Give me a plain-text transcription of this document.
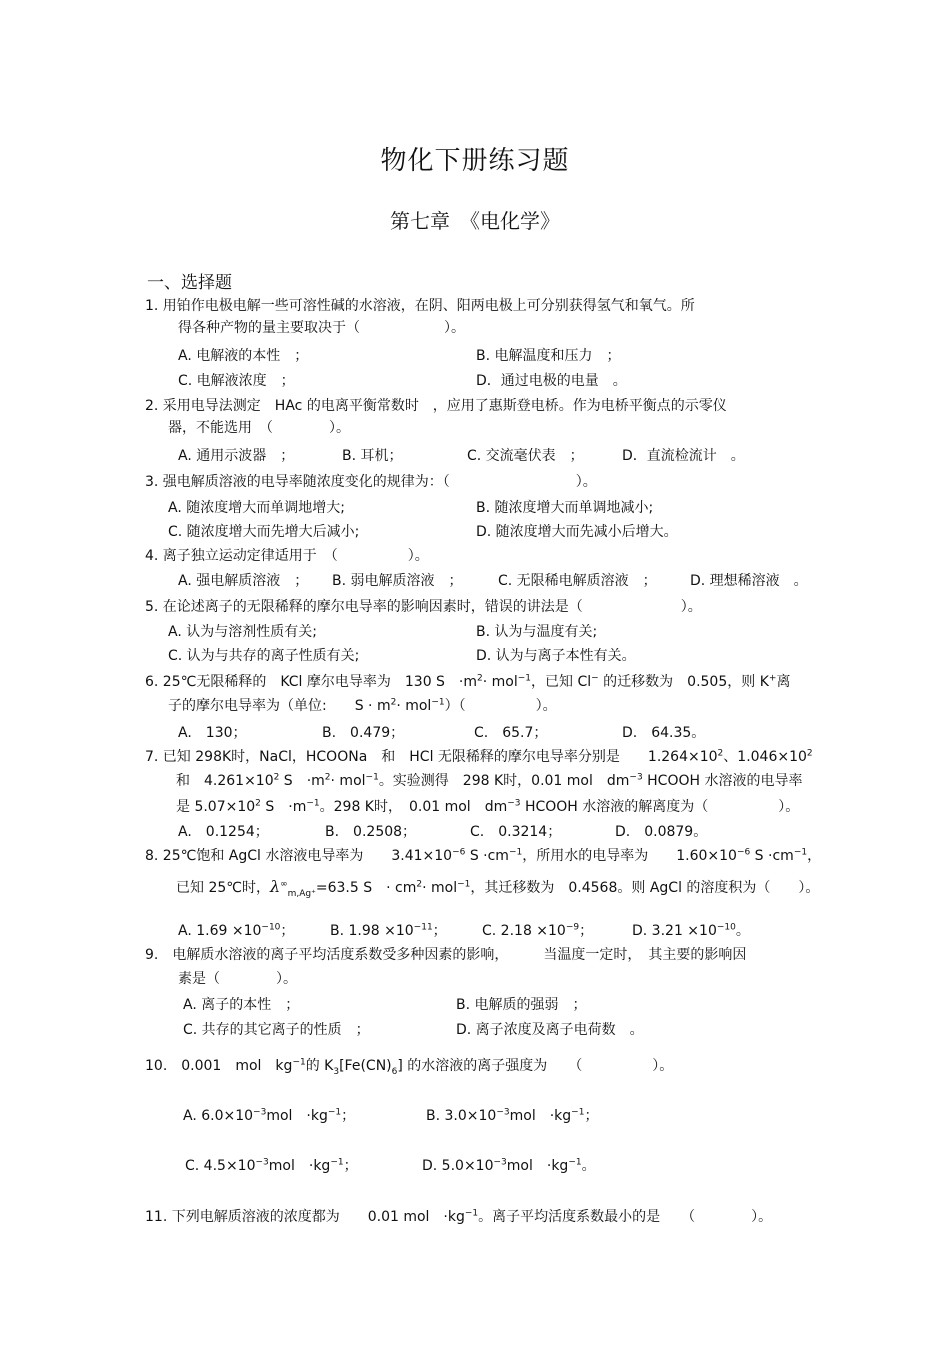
物化下册练习题
第七章　《电化学》
一、选择题
1. 用铂作电极电解一些可溶性碱的水溶液，在阴、阳两电极上可分别获得氢气和氧气。所
得各种产物的量主要取决于（　　　　　　）。
A. 电解液的本性　；	B. 电解温度和压力　；
C. 电解液浓度　；	D．通过电极的电量　。
2. 采用电导法测定　HAc 的电离平衡常数时　，应用了惠斯登电桥。作为电桥平衡点的示零仪
器，不能选用　（　　　　）。
A. 通用示波器　；	B. 耳机；	C. 交流毫伏表　；	D．直流检流计　。
3. 强电解质溶液的电导率随浓度变化的规律为：（　　　　　　　　　）。
A. 随浓度增大而单调地增大;	B. 随浓度增大而单调地减小;
C. 随浓度增大而先增大后减小;	D. 随浓度增大而先减小后增大。
4. 离子独立运动定律适用于　（　　　　　）。
A. 强电解质溶液　； B. 弱电解质溶液　；	C. 无限稀电解质溶液　； D. 理想稀溶液　。
5. 在论述离子的无限稀释的摩尔电导率的影响因素时，错误的讲法是（　　　　　　　）。
A. 认为与溶剂性质有关;	B. 认为与温度有关;
C. 认为与共存的离子性质有关;	D. 认为与离子本性有关。
6. 25℃无限稀释的　KCl 摩尔电导率为　130 S　$\cdot m^2\cdot mol^{-1}$，已知 Cl− 的迁移数为　0.505，则 K+离
子的摩尔电导率为（单位:　　$S \cdot m^2\cdot mol^{-1}$）（　　　　　）。
A.　130；	B.　0.479；	C.　65.7；	D.　64.35。
7. 已知 298K时，NaCl，HCOONa　和　HCl 无限稀释的摩尔电导率分别是　　$1.264\times 10^2$、$1.046\times 10^2$
和　$4.261\times 10^2$ S　$\cdot m^2\cdot mol^{-1}$。实验测得　298 K时，0.01 mol　$dm^{-3}$ HCOOH 水溶液的电导率
是 $5.07\times 10^2$ S　$\cdot m^{-1}$。298 K时，　0.01 mol　$dm^{-3}$ HCOOH 水溶液的解离度为（　　　　　）。
A.　0.1254；	B.　0.2508；	C.　0.3214；	D.　0.0879。
8. 25℃饱和 AgCl 水溶液电导率为　　$3.41\times 10^{-6}$ $S \cdot cm^{-1}$，所用水的电导率为　　$1.60\times 10^{-6}$ $S \cdot cm^{-1}$，
已知 25℃时，$\lambda^\infty_{m,Ag^+}=63.5$ S　· $cm^2\cdot mol^{-1}$，其迁移数为　0.4568。则 AgCl 的溶度积为（　　）。
A. $1.69 \times 10^{-10}$；	B. $1.98 \times 10^{-11}$；	C. $2.18 \times 10^{-9}$；	D. $3.21 \times 10^{-10}$。
9.　电解质水溶液的离子平均活度系数受多种因素的影响，　　　当温度一定时，　其主要的影响因
素是（　　　　）。
A. 离子的本性　；	B. 电解质的强弱　；
C. 共存的其它离子的性质　；	D. 离子浓度及离子电荷数　。
10.　0.001　mol　$kg^{-1}$的 $K_3[Fe(CN)_6]$ 的水溶液的离子强度为　　（　　　　　）。
A. $6.0\times 10^{-3}mol$　$\cdot kg^{-1}$；	B. $3.0\times 10^{-3}mol$　$\cdot kg^{-1}$；
C. $4.5\times 10^{-3}mol$　$\cdot kg^{-1}$；	D. $5.0\times 10^{-3}mol$　$\cdot kg^{-1}$。
11. 下列电解质溶液的浓度都为　　0.01 mol　$\cdot kg^{-1}$。离子平均活度系数最小的是　　（　　　　）。
